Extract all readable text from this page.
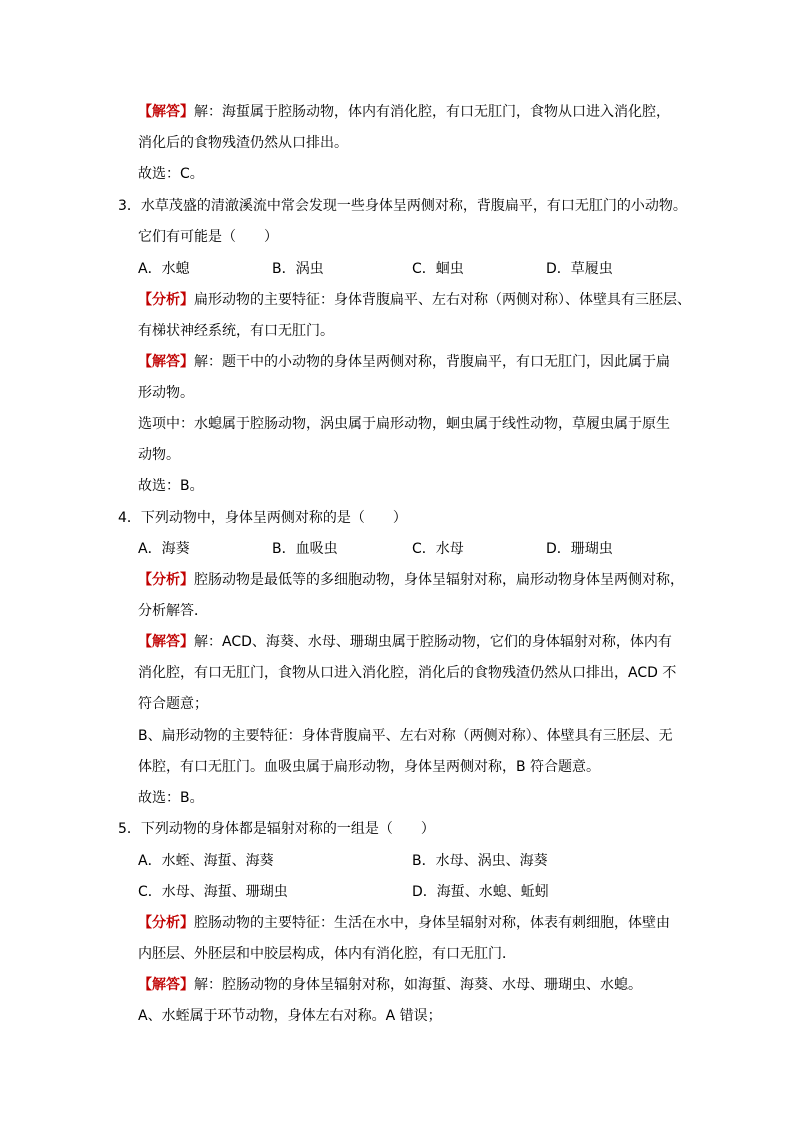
【解答】解：海蜇属于腔肠动物，体内有消化腔，有口无肛门，食物从口进入消化腔，
消化后的食物残渣仍然从口排出。
故选：C。
3．水草茂盛的清澈溪流中常会发现一些身体呈两侧对称，背腹扁平，有口无肛门的小动物。
它们有可能是（　　）
A．水螅	B．涡虫	C．蛔虫	D．草履虫
【分析】扁形动物的主要特征：身体背腹扁平、左右对称（两侧对称）、体壁具有三胚层、
有梯状神经系统，有口无肛门。
【解答】解：题干中的小动物的身体呈两侧对称，背腹扁平，有口无肛门，因此属于扁
形动物。
选项中：水螅属于腔肠动物，涡虫属于扁形动物，蛔虫属于线性动物，草履虫属于原生
动物。
故选：B。
4．下列动物中，身体呈两侧对称的是（　　）
A．海葵	B．血吸虫	C．水母	D．珊瑚虫
【分析】腔肠动物是最低等的多细胞动物，身体呈辐射对称，扁形动物身体呈两侧对称，
分析解答．
【解答】解：ACD、海葵、水母、珊瑚虫属于腔肠动物，它们的身体辐射对称，体内有
消化腔，有口无肛门，食物从口进入消化腔，消化后的食物残渣仍然从口排出，ACD 不
符合题意；
B、扁形动物的主要特征：身体背腹扁平、左右对称（两侧对称）、体壁具有三胚层、无
体腔，有口无肛门。血吸虫属于扁形动物，身体呈两侧对称，B 符合题意。
故选：B。
5．下列动物的身体都是辐射对称的一组是（　　）
A．水蛭、海蜇、海葵	B．水母、涡虫、海葵
C．水母、海蜇、珊瑚虫	D．海蜇、水螅、蚯蚓
【分析】腔肠动物的主要特征：生活在水中，身体呈辐射对称，体表有刺细胞，体壁由
内胚层、外胚层和中胶层构成，体内有消化腔，有口无肛门．
【解答】解：腔肠动物的身体呈辐射对称，如海蜇、海葵、水母、珊瑚虫、水螅。
A、水蛭属于环节动物，身体左右对称。A 错误；
